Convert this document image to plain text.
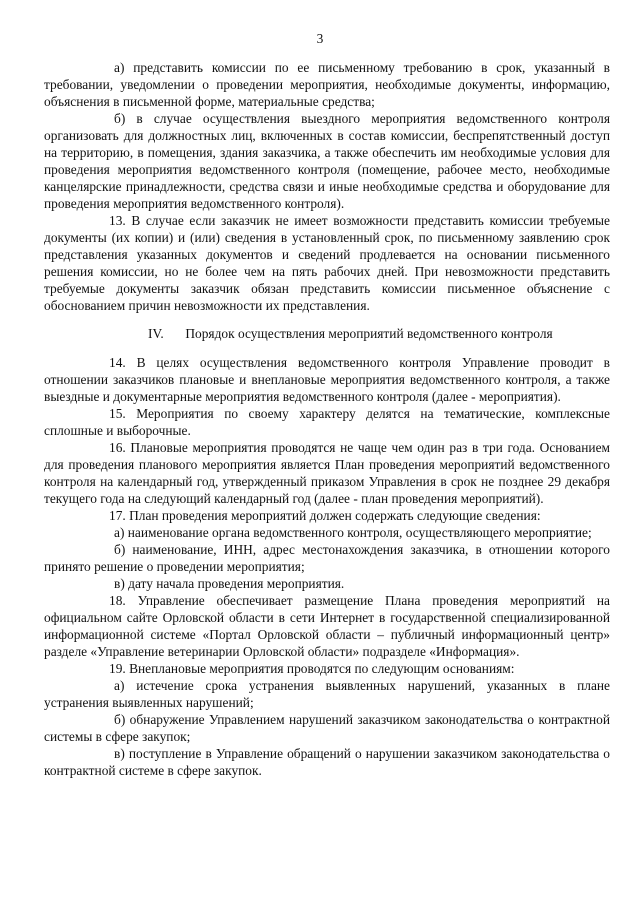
3

а) представить комиссии по ее письменному требованию в срок, указанный в требовании, уведомлении о проведении мероприятия, необходимые документы, информацию, объяснения в письменной форме, материальные средства;

б) в случае осуществления выездного мероприятия ведомственного контроля организовать для должностных лиц, включенных в состав комиссии, беспрепятственный доступ на территорию, в помещения, здания заказчика, а также обеспечить им необходимые условия для проведения мероприятия ведомственного контроля (помещение, рабочее место, необходимые канцелярские принадлежности, средства связи и иные необходимые средства и оборудование для проведения мероприятия ведомственного контроля).

13. В случае если заказчик не имеет возможности представить комиссии требуемые документы (их копии) и (или) сведения в установленный срок, по письменному заявлению срок представления указанных документов и сведений продлевается на основании письменного решения комиссии, но не более чем на пять рабочих дней. При невозможности представить требуемые документы заказчик обязан представить комиссии письменное объяснение с обоснованием причин невозможности их представления.

IV. Порядок осуществления мероприятий ведомственного контроля

14. В целях осуществления ведомственного контроля Управление проводит в отношении заказчиков плановые и внеплановые мероприятия ведомственного контроля, а также выездные и документарные мероприятия ведомственного контроля (далее - мероприятия).

15. Мероприятия по своему характеру делятся на тематические, комплексные сплошные и выборочные.

16. Плановые мероприятия проводятся не чаще чем один раз в три года. Основанием для проведения планового мероприятия является План проведения мероприятий ведомственного контроля на календарный год, утвержденный приказом Управления в срок не позднее 29 декабря текущего года на следующий календарный год (далее - план проведения мероприятий).

17. План проведения мероприятий должен содержать следующие сведения:

а) наименование органа ведомственного контроля, осуществляющего мероприятие;

б) наименование, ИНН, адрес местонахождения заказчика, в отношении которого принято решение о проведении мероприятия;

в) дату начала проведения мероприятия.

18. Управление обеспечивает размещение Плана проведения мероприятий на официальном сайте Орловской области в сети Интернет в государственной специализированной информационной системе «Портал Орловской области – публичный информационный центр» разделе «Управление ветеринарии Орловской области» подразделе «Информация».

19. Внеплановые мероприятия проводятся по следующим основаниям:

а) истечение срока устранения выявленных нарушений, указанных в плане устранения выявленных нарушений;

б) обнаружение Управлением нарушений заказчиком законодательства о контрактной системы в сфере закупок;

в) поступление в Управление обращений о нарушении заказчиком законодательства о контрактной системе в сфере закупок.
